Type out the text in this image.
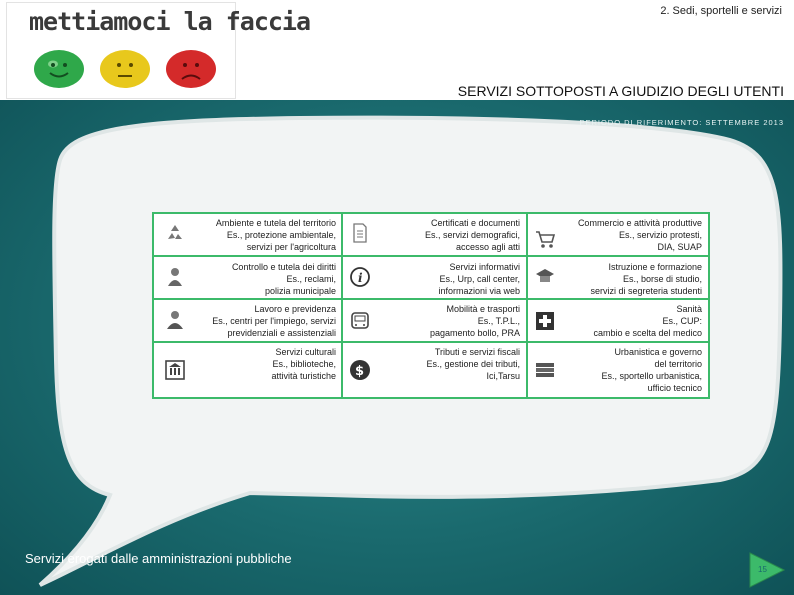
mettiamoci la faccia	2. Sedi, sportelli e servizi
SERVIZI SOTTOPOSTI A GIUDIZIO DEGLI UTENTI
PERIODO DI RIFERIMENTO: SETTEMBRE 2013
Ambiente e tutela del territorio
Es., protezione ambientale,
servizi per l'agricoltura
Certificati e documenti
Es., servizi demografici,
accesso agli atti
Commercio e attività produttive
Es., servizio protesti,
DIA, SUAP
Controllo e tutela dei diritti
Es., reclami,
polizia municipale
i
Servizi informativi
Es., Urp, call center,
informazioni via web
Istruzione e formazione
Es., borse di studio,
servizi di segreteria studenti
Lavoro e previdenza
Es., centri per l'impiego, servizi
previdenziali e assistenziali
Mobilità e trasporti
Es., T.P.L.,
pagamento bollo, PRA
Sanità
Es., CUP:
cambio e scelta del medico
Servizi culturali
Es., biblioteche,
attività turistiche $
Tributi e servizi fiscali
Es., gestione dei tributi,
Ici,Tarsu
Urbanistica e governo
del territorio
Es., sportello urbanistica,
ufficio tecnico
Servizi erogati dalle amministrazioni pubbliche
15
